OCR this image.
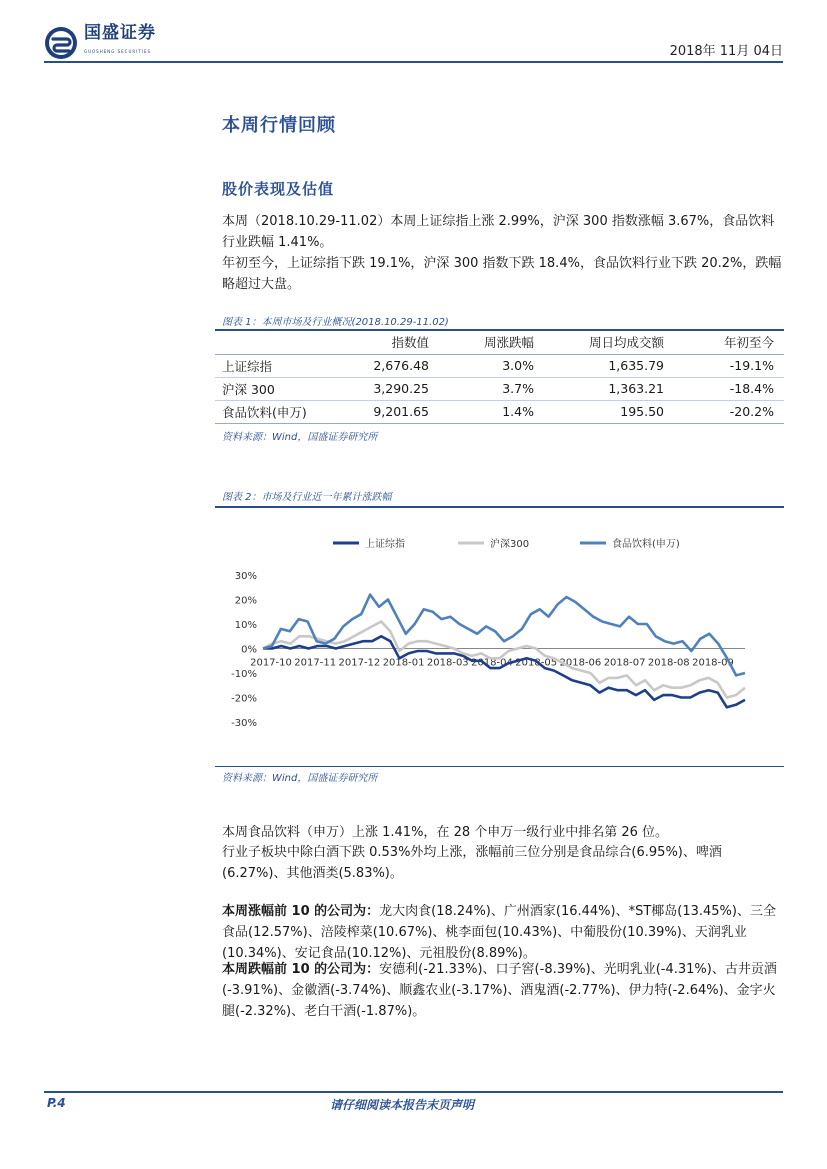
国盛证券
GUOSHENG SECURITIES	2018年 11月 04日
本周行情回顾
股价表现及估值
本周（2018.10.29-11.02）本周上证综指上涨 2.99%，沪深 300 指数涨幅 3.67%，食品饮料行业跌幅 1.41%。
年初至今，上证综指下跌 19.1%，沪深 300 指数下跌 18.4%，食品饮料行业下跌 20.2%，跌幅略超过大盘。
图表 1：本周市场及行业概况(2018.10.29-11.02)
	指数值	周涨跌幅	周日均成交额	年初至今
上证综指	2,676.48	3.0%	1,635.79	-19.1%
沪深 300	3,290.25	3.7%	1,363.21	-18.4%
食品饮料(申万)	9,201.65	1.4%	195.50	-20.2%
资料来源：Wind，国盛证券研究所
图表 2：市场及行业近一年累计涨跌幅
上证综指	沪深300	食品饮料(申万)
30%
20%
10%
0%
-10%
-20%
-30%
2017-10 2017-11 2017-12 2018-01 2018-03 2018-04 2018-05 2018-06 2018-07 2018-08 2018-09
资料来源：Wind，国盛证券研究所
本周食品饮料（申万）上涨 1.41%，在 28 个申万一级行业中排名第 26 位。
行业子板块中除白酒下跌 0.53%外均上涨，涨幅前三位分别是食品综合(6.95%)、啤酒(6.27%)、其他酒类(5.83%)。
本周涨幅前 10 的公司为：龙大肉食(18.24%)、广州酒家(16.44%)、*ST椰岛(13.45%)、三全食品(12.57%)、涪陵榨菜(10.67%)、桃李面包(10.43%)、中葡股份(10.39%)、天润乳业(10.34%)、安记食品(10.12%)、元祖股份(8.89%)。
本周跌幅前 10 的公司为：安德利(-21.33%)、口子窖(-8.39%)、光明乳业(-4.31%)、古井贡酒(-3.91%)、金徽酒(-3.74%)、顺鑫农业(-3.17%)、酒鬼酒(-2.77%)、伊力特(-2.64%)、金字火腿(-2.32%)、老白干酒(-1.87%)。
P.4	请仔细阅读本报告末页声明
